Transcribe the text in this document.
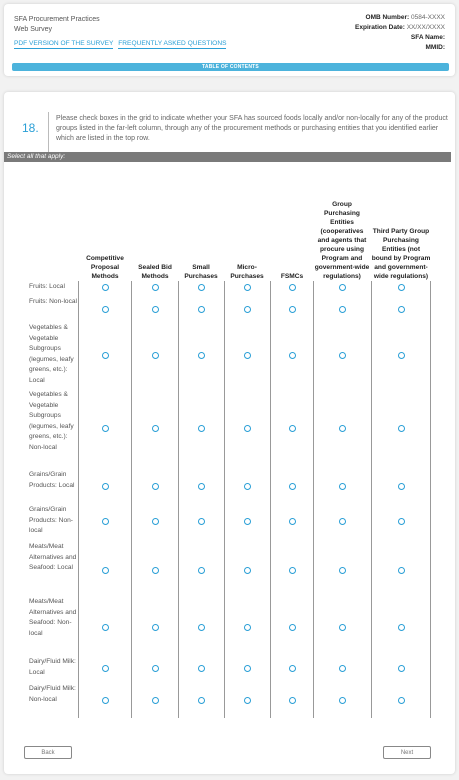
SFA Procurement Practices
Web Survey
PDF VERSION OF THE SURVEY FREQUENTLY ASKED QUESTIONS
OMB Number: 0584-XXXX
Expiration Date: XX/XX/XXXX
SFA Name:
MMID:
TABLE OF CONTENTS
18.
Please check boxes in the grid to indicate whether your SFA has sourced foods locally and/or non-locally for any of the product groups listed in the far-left column, through any of the procurement methods or purchasing entities that you identified earlier which are listed in the top row.
Select all that apply:
Competitive Proposal Methods
Sealed Bid Methods
Small Purchases
Micro-Purchases	FSMCs
Group Purchasing Entities (cooperatives and agents that procure using Program and government-wide regulations)
Third Party Group Purchasing Entities (not bound by Program and government-wide regulations)
Fruits: Local
Fruits: Non-local
Vegetables & Vegetable Subgroups (legumes, leafy greens, etc.): Local
Vegetables & Vegetable Subgroups (legumes, leafy greens, etc.): Non-local
Grains/Grain Products: Local
Grains/Grain Products: Non-local
Meats/Meat Alternatives and Seafood: Local
Meats/Meat Alternatives and Seafood: Non-local
Dairy/Fluid Milk: Local
Dairy/Fluid Milk: Non-local
Back	Next
